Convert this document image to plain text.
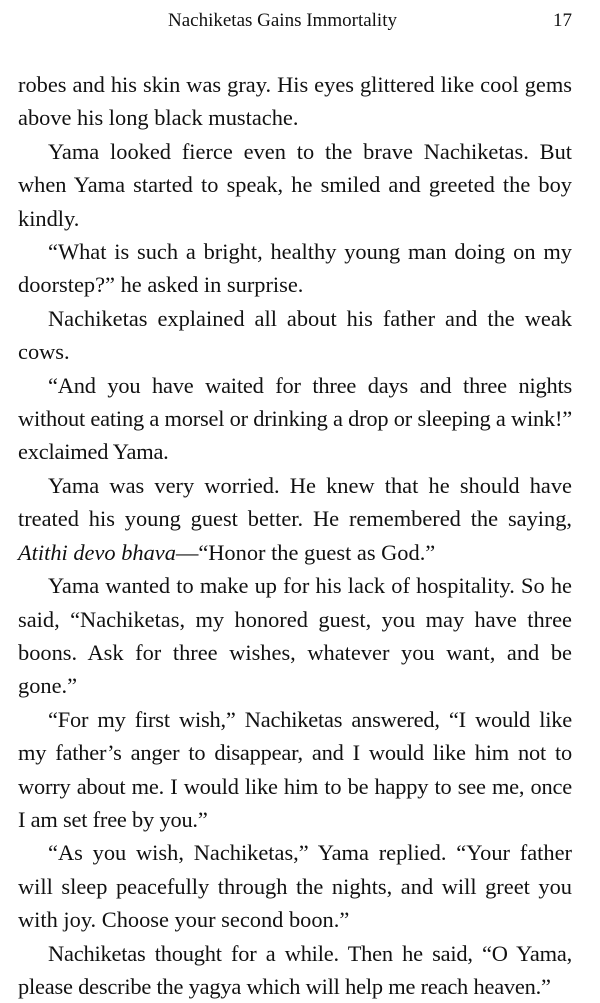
Nachiketas Gains Immortality	17

robes and his skin was gray. His eyes glittered like cool gems above his long black mustache.

Yama looked fierce even to the brave Nachiketas. But when Yama started to speak, he smiled and greeted the boy kindly.

“What is such a bright, healthy young man doing on my doorstep?” he asked in surprise.

Nachiketas explained all about his father and the weak cows.

“And you have waited for three days and three nights without eating a morsel or drinking a drop or sleeping a wink!” exclaimed Yama.

Yama was very worried. He knew that he should have treated his young guest better. He remembered the saying, Atithi devo bhava—“Honor the guest as God.”

Yama wanted to make up for his lack of hospitality. So he said, “Nachiketas, my honored guest, you may have three boons. Ask for three wishes, whatever you want, and be gone.”

“For my first wish,” Nachiketas answered, “I would like my father’s anger to disappear, and I would like him not to worry about me. I would like him to be happy to see me, once I am set free by you.”

“As you wish, Nachiketas,” Yama replied. “Your father will sleep peacefully through the nights, and will greet you with joy. Choose your second boon.”

Nachiketas thought for a while. Then he said, “O Yama, please describe the yagya which will help me reach heaven.”
